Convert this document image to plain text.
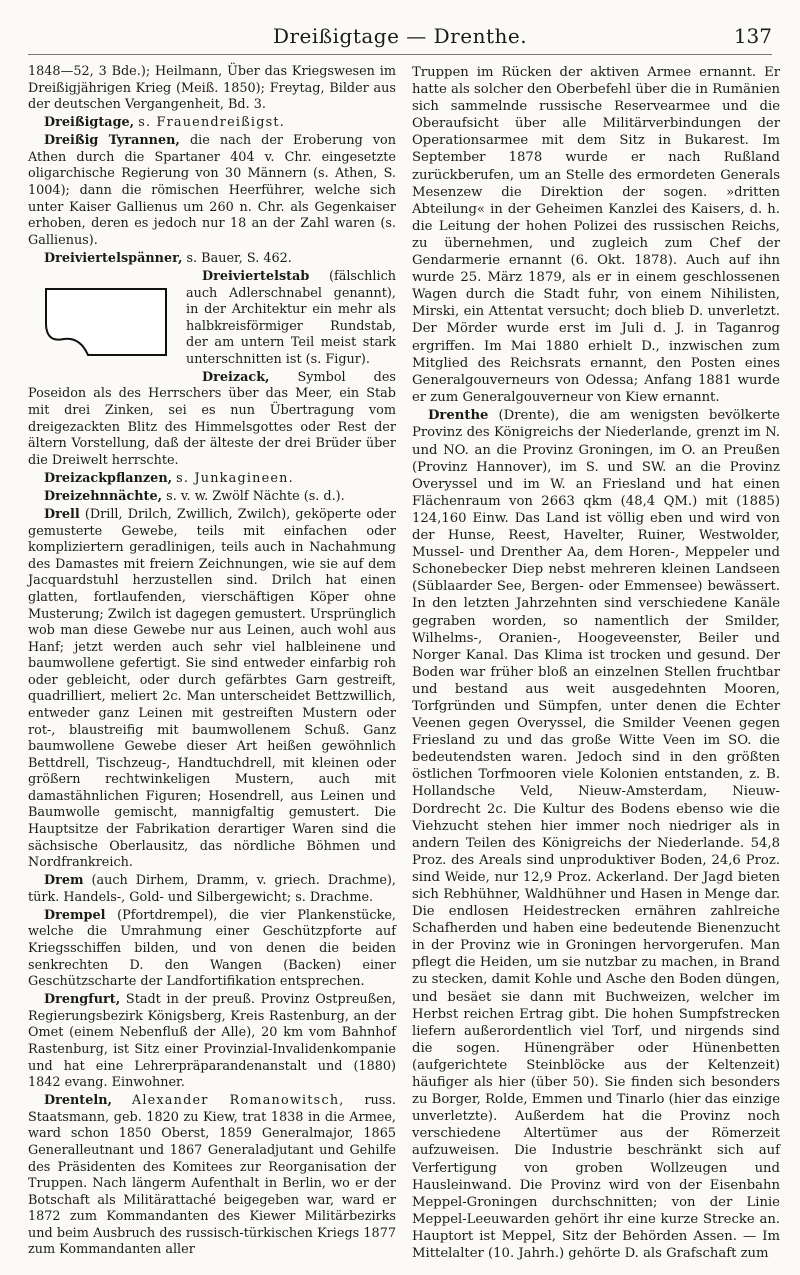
Dreißigtage — Drenthe.	137

1848—52, 3 Bde.); Heilmann, Über das Kriegswesen im Dreißigjährigen Krieg (Meiß. 1850); Freytag, Bilder aus der deutschen Vergangenheit, Bd. 3.

Dreißigtage, s. Frauendreißigst.

Dreißig Tyrannen, die nach der Eroberung von Athen durch die Spartaner 404 v. Chr. eingesetzte oligarchische Regierung von 30 Männern (s. Athen, S. 1004); dann die römischen Heerführer, welche sich unter Kaiser Gallienus um 260 n. Chr. als Gegenkaiser erhoben, deren es jedoch nur 18 an der Zahl waren (s. Gallienus).

Dreiviertelspänner, s. Bauer, S. 462.

Dreiviertelstab (fälschlich auch Adlerschnabel genannt), in der Architektur ein mehr als halbkreisförmiger Rundstab, der am untern Teil meist stark unterschnitten ist (s. Figur).

Dreizack, Symbol des Poseidon als des Herrschers über das Meer, ein Stab mit drei Zinken, sei es nun Übertragung vom dreigezackten Blitz des Himmelsgottes oder Rest der ältern Vorstellung, daß der älteste der drei Brüder über die Dreiwelt herrschte.

Dreizackpflanzen, s. Junkagineen.

Dreizehnnächte, s. v. w. Zwölf Nächte (s. d.).

Drell (Drill, Drilch, Zwillich, Zwilch), geköperte oder gemusterte Gewebe, teils mit einfachen oder kompliziertern geradlinigen, teils auch in Nachahmung des Damastes mit freiern Zeichnungen, wie sie auf dem Jacquardstuhl herzustellen sind. Drilch hat einen glatten, fortlaufenden, vierschäftigen Köper ohne Musterung; Zwilch ist dagegen gemustert. Ursprünglich wob man diese Gewebe nur aus Leinen, auch wohl aus Hanf; jetzt werden auch sehr viel halbleinene und baumwollene gefertigt. Sie sind entweder einfarbig roh oder gebleicht, oder durch gefärbtes Garn gestreift, quadrilliert, meliert 2c. Man unterscheidet Bettzwillich, entweder ganz Leinen mit gestreiften Mustern oder rot-, blaustreifig mit baumwollenem Schuß. Ganz baumwollene Gewebe dieser Art heißen gewöhnlich Bettdrell, Tischzeug-, Handtuchdrell, mit kleinen oder größern rechtwinkeligen Mustern, auch mit damastähnlichen Figuren; Hosendrell, aus Leinen und Baumwolle gemischt, mannigfaltig gemustert. Die Hauptsitze der Fabrikation derartiger Waren sind die sächsische Oberlausitz, das nördliche Böhmen und Nordfrankreich.

Drem (auch Dirhem, Dramm, v. griech. Drachme), türk. Handels-, Gold- und Silbergewicht; s. Drachme.

Drempel (Pfortdrempel), die vier Plankenstücke, welche die Umrahmung einer Geschützpforte auf Kriegsschiffen bilden, und von denen die beiden senkrechten D. den Wangen (Backen) einer Geschützscharte der Landfortifikation entsprechen.

Drengfurt, Stadt in der preuß. Provinz Ostpreußen, Regierungsbezirk Königsberg, Kreis Rastenburg, an der Omet (einem Nebenfluß der Alle), 20 km vom Bahnhof Rastenburg, ist Sitz einer Provinzial-Invalidenkompanie und hat eine Lehrerpräparandenanstalt und (1880) 1842 evang. Einwohner.

Drenteln, Alexander Romanowitsch, russ. Staatsmann, geb. 1820 zu Kiew, trat 1838 in die Armee, ward schon 1850 Oberst, 1859 Generalmajor, 1865 Generalleutnant und 1867 Generaladjutant und Gehilfe des Präsidenten des Komitees zur Reorganisation der Truppen. Nach längerm Aufenthalt in Berlin, wo er der Botschaft als Militärattaché beigegeben war, ward er 1872 zum Kommandanten des Kiewer Militärbezirks und beim Ausbruch des russisch-türkischen Kriegs 1877 zum Kommandanten aller

Truppen im Rücken der aktiven Armee ernannt. Er hatte als solcher den Oberbefehl über die in Rumänien sich sammelnde russische Reservearmee und die Oberaufsicht über alle Militärverbindungen der Operationsarmee mit dem Sitz in Bukarest. Im September 1878 wurde er nach Rußland zurückberufen, um an Stelle des ermordeten Generals Mesenzew die Direktion der sogen. »dritten Abteilung« in der Geheimen Kanzlei des Kaisers, d. h. die Leitung der hohen Polizei des russischen Reichs, zu übernehmen, und zugleich zum Chef der Gendarmerie ernannt (6. Okt. 1878). Auch auf ihn wurde 25. März 1879, als er in einem geschlossenen Wagen durch die Stadt fuhr, von einem Nihilisten, Mirski, ein Attentat versucht; doch blieb D. unverletzt. Der Mörder wurde erst im Juli d. J. in Taganrog ergriffen. Im Mai 1880 erhielt D., inzwischen zum Mitglied des Reichsrats ernannt, den Posten eines Generalgouverneurs von Odessa; Anfang 1881 wurde er zum Generalgouverneur von Kiew ernannt.

Drenthe (Drente), die am wenigsten bevölkerte Provinz des Königreichs der Niederlande, grenzt im N. und NO. an die Provinz Groningen, im O. an Preußen (Provinz Hannover), im S. und SW. an die Provinz Overyssel und im W. an Friesland und hat einen Flächenraum von 2663 qkm (48,4 QM.) mit (1885) 124,160 Einw. Das Land ist völlig eben und wird von der Hunse, Reest, Havelter, Ruiner, Westwolder, Mussel- und Drenther Aa, dem Horen-, Meppeler und Schonebecker Diep nebst mehreren kleinen Landseen (Süblaarder See, Bergen- oder Emmensee) bewässert. In den letzten Jahrzehnten sind verschiedene Kanäle gegraben worden, so namentlich der Smilder, Wilhelms-, Oranien-, Hoogeveenster, Beiler und Norger Kanal. Das Klima ist trocken und gesund. Der Boden war früher bloß an einzelnen Stellen fruchtbar und bestand aus weit ausgedehnten Mooren, Torfgründen und Sümpfen, unter denen die Echter Veenen gegen Overyssel, die Smilder Veenen gegen Friesland zu und das große Witte Veen im SO. die bedeutendsten waren. Jedoch sind in den größten östlichen Torfmooren viele Kolonien entstanden, z. B. Hollandsche Veld, Nieuw-Amsterdam, Nieuw-Dordrecht 2c. Die Kultur des Bodens ebenso wie die Viehzucht stehen hier immer noch niedriger als in andern Teilen des Königreichs der Niederlande. 54,8 Proz. des Areals sind unproduktiver Boden, 24,6 Proz. sind Weide, nur 12,9 Proz. Ackerland. Der Jagd bieten sich Rebhühner, Waldhühner und Hasen in Menge dar. Die endlosen Heidestrecken ernähren zahlreiche Schafherden und haben eine bedeutende Bienenzucht in der Provinz wie in Groningen hervorgerufen. Man pflegt die Heiden, um sie nutzbar zu machen, in Brand zu stecken, damit Kohle und Asche den Boden düngen, und besäet sie dann mit Buchweizen, welcher im Herbst reichen Ertrag gibt. Die hohen Sumpfstrecken liefern außerordentlich viel Torf, und nirgends sind die sogen. Hünengräber oder Hünenbetten (aufgerichtete Steinblöcke aus der Keltenzeit) häufiger als hier (über 50). Sie finden sich besonders zu Borger, Rolde, Emmen und Tinarlo (hier das einzige unverletzte). Außerdem hat die Provinz noch verschiedene Altertümer aus der Römerzeit aufzuweisen. Die Industrie beschränkt sich auf Verfertigung von groben Wollzeugen und Hausleinwand. Die Provinz wird von der Eisenbahn Meppel-Groningen durchschnitten; von der Linie Meppel-Leeuwarden gehört ihr eine kurze Strecke an. Hauptort ist Meppel, Sitz der Behörden Assen. — Im Mittelalter (10. Jahrh.) gehörte D. als Grafschaft zum
